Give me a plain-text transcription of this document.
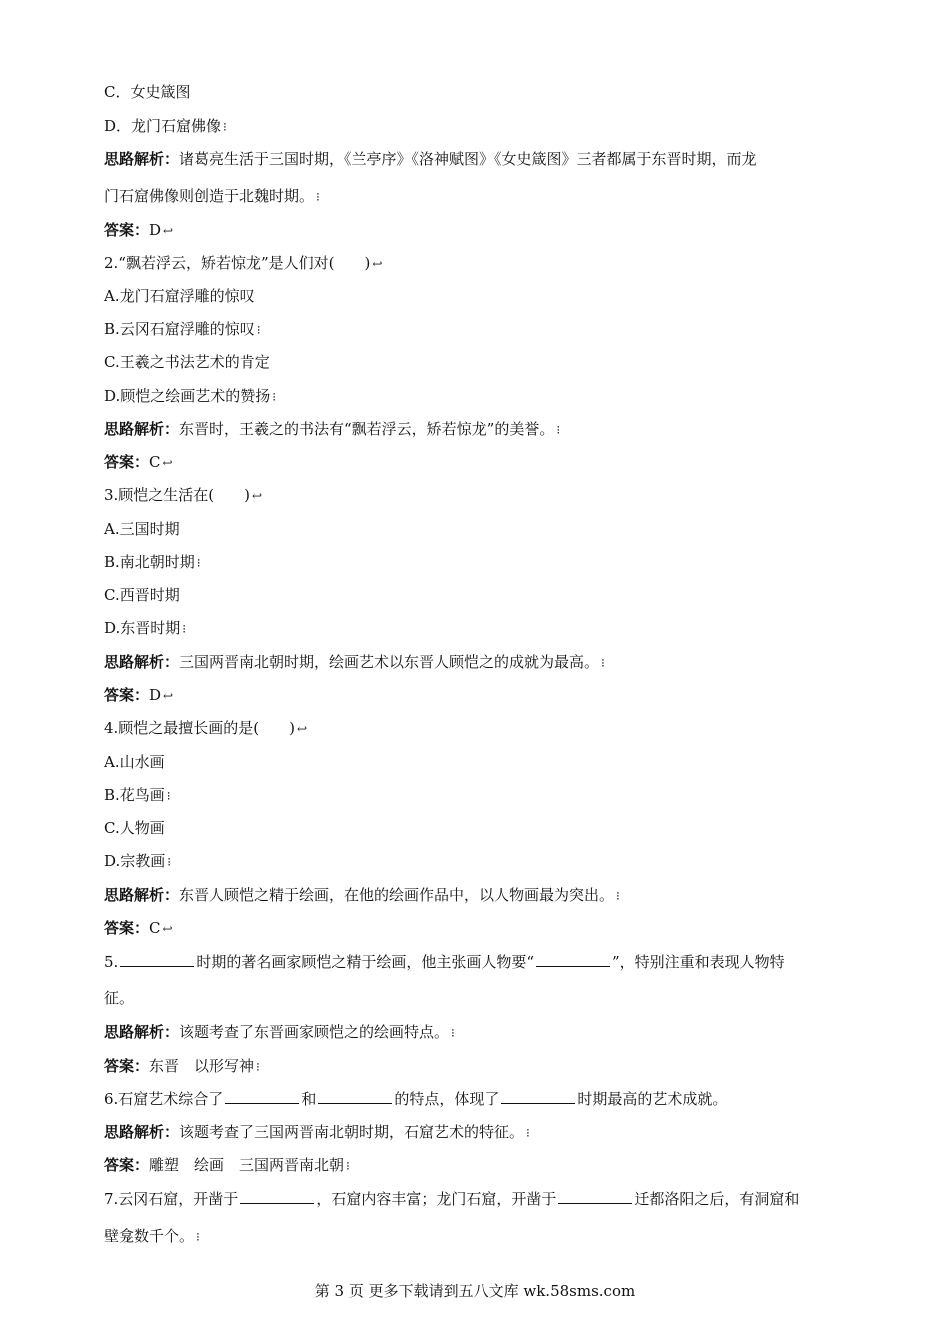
C．女史箴图
D．龙门石窟佛像 ⁝
思路解析：诸葛亮生活于三国时期，《兰亭序》《洛神赋图》《女史箴图》三者都属于东晋时期，而龙
门石窟佛像则创造于北魏时期。 ⁝
答案：D ↩
2.“飘若浮云，矫若惊龙”是人们对(　　) ↩
A.龙门石窟浮雕的惊叹
B.云冈石窟浮雕的惊叹 ⁝
C.王羲之书法艺术的肯定
D.顾恺之绘画艺术的赞扬 ⁝
思路解析：东晋时，王羲之的书法有“飘若浮云，矫若惊龙”的美誉。 ⁝
答案：C ↩
3.顾恺之生活在(　　) ↩
A.三国时期
B.南北朝时期 ⁝
C.西晋时期
D.东晋时期 ⁝
思路解析：三国两晋南北朝时期，绘画艺术以东晋人顾恺之的成就为最高。 ⁝
答案：D ↩
4.顾恺之最擅长画的是(　　) ↩
A.山水画
B.花鸟画 ⁝
C.人物画
D.宗教画 ⁝
思路解析：东晋人顾恺之精于绘画，在他的绘画作品中，以人物画最为突出。 ⁝
答案：C ↩
5.	时期的著名画家顾恺之精于绘画，他主张画人物要“	”，特别注重和表现人物特
征。
思路解析：该题考查了东晋画家顾恺之的绘画特点。 ⁝
答案：东晋　以形写神 ⁝
6.石窟艺术综合了	和	的特点，体现了	时期最高的艺术成就。
思路解析：该题考查了三国两晋南北朝时期，石窟艺术的特征。 ⁝
答案：雕塑　绘画　三国两晋南北朝 ⁝
7.云冈石窟，开凿于	，石窟内容丰富；龙门石窟，开凿于	迁都洛阳之后，有洞窟和
壁龛数千个。 ⁝
第 3 页 更多下载请到五八文库 wk.58sms.com
